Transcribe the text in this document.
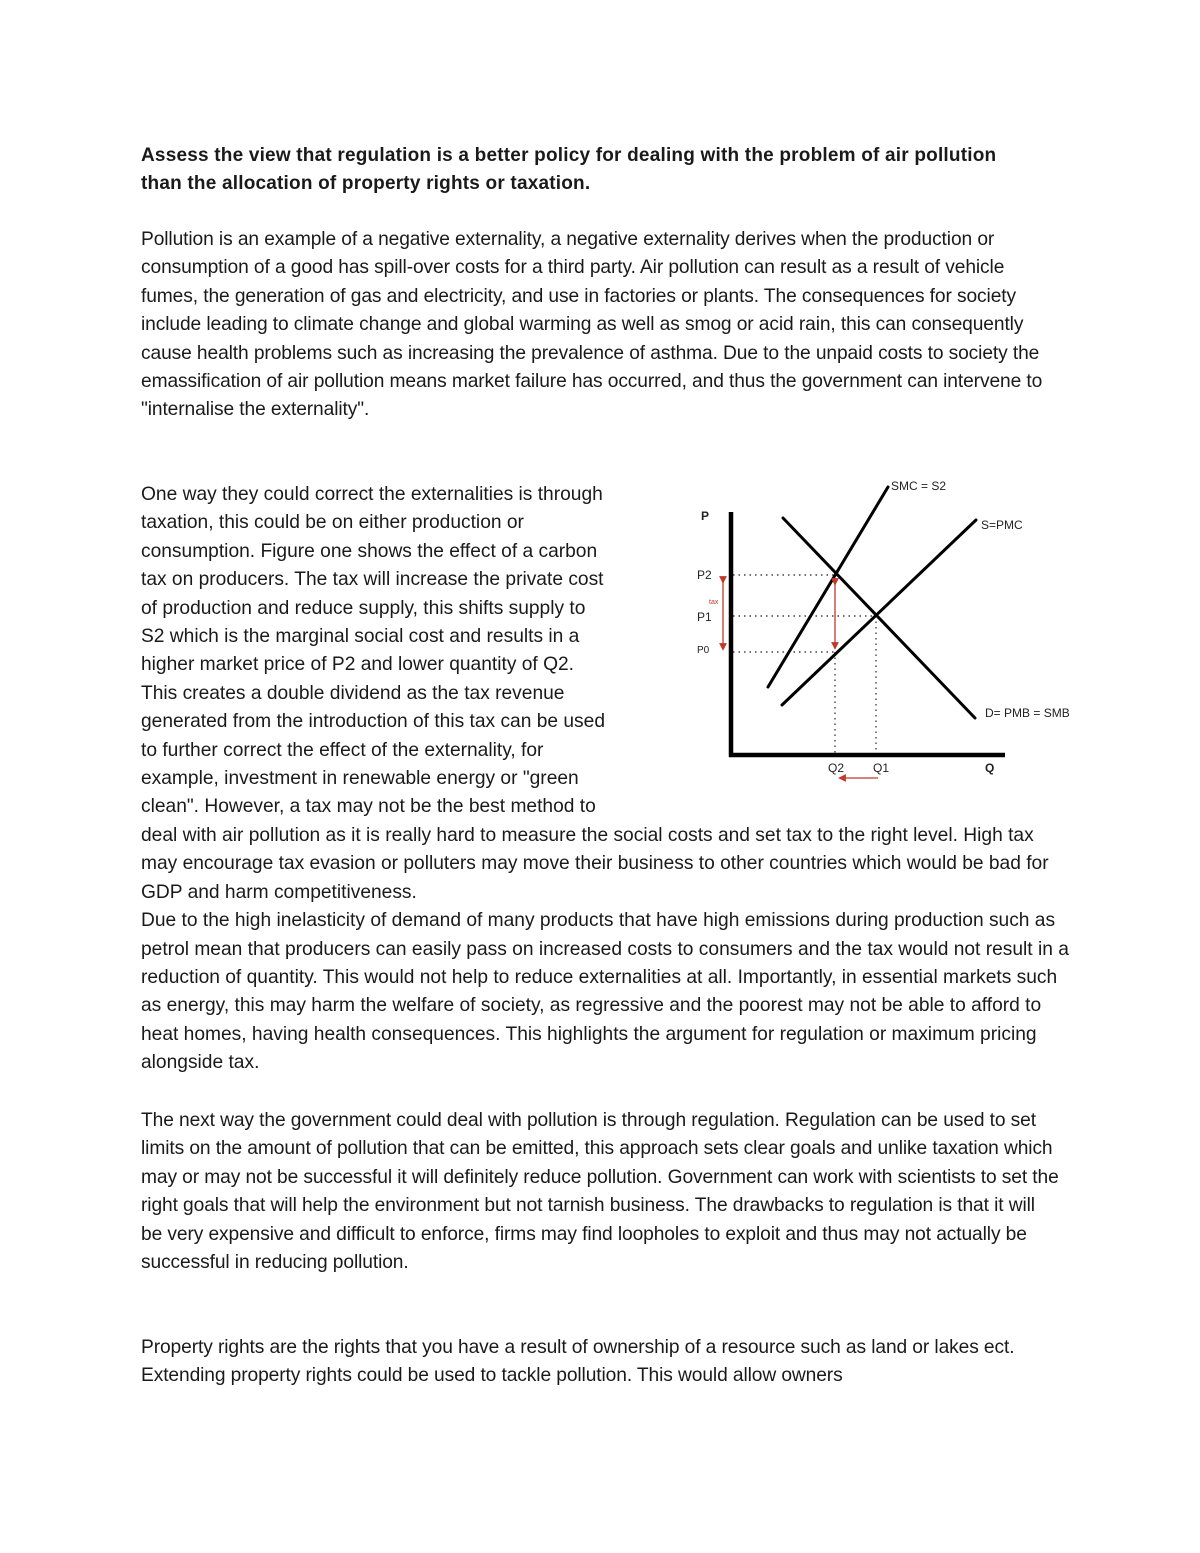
Assess the view that regulation is a better policy for dealing with the problem of air pollution than the allocation of property rights or taxation.

Pollution is an example of a negative externality, a negative externality derives when the production or consumption of a good has spill-over costs for a third party. Air pollution can result as a result of vehicle fumes, the generation of gas and electricity, and use in factories or plants. The consequences for society include leading to climate change and global warming as well as smog or acid rain, this can consequently cause health problems such as increasing the prevalence of asthma. Due to the unpaid costs to society the emassification of air pollution means market failure has occurred, and thus the government can intervene to "internalise the externality".

One way they could correct the externalities is through
taxation, this could be on either production or
consumption. Figure one shows the effect of a carbon
tax on producers. The tax will increase the private cost
of production and reduce supply, this shifts supply to
S2 which is the marginal social cost and results in a
higher market price of P2 and lower quantity of Q2.
This creates a double dividend as the tax revenue
generated from the introduction of this tax can be used
to further correct the effect of the externality, for
example, investment in renewable energy or "green
clean". However, a tax may not be the best method to
deal with air pollution as it is really hard to measure the social costs and set tax to the right level. High tax may encourage tax evasion or polluters may move their business to other countries which would be bad for GDP and harm competitiveness.
Due to the high inelasticity of demand of many products that have high emissions during production such as petrol mean that producers can easily pass on increased costs to consumers and the tax would not result in a reduction of quantity. This would not help to reduce externalities at all. Importantly, in essential markets such as energy, this may harm the welfare of society, as regressive and the poorest may not be able to afford to heat homes, having health consequences. This highlights the argument for regulation or maximum pricing alongside tax.

The next way the government could deal with pollution is through regulation. Regulation can be used to set limits on the amount of pollution that can be emitted, this approach sets clear goals and unlike taxation which may or may not be successful it will definitely reduce pollution. Government can work with scientists to set the right goals that will help the environment but not tarnish business. The drawbacks to regulation is that it will be very expensive and difficult to enforce, firms may find loopholes to exploit and thus may not actually be successful in reducing pollution.

Property rights are the rights that you have a result of ownership of a resource such as land or lakes ect. Extending property rights could be used to tackle pollution. This would allow owners

P
P2
tax
P1
P0
Q2 Q1	Q
SMC = S2
S=PMC
D= PMB = SMB
